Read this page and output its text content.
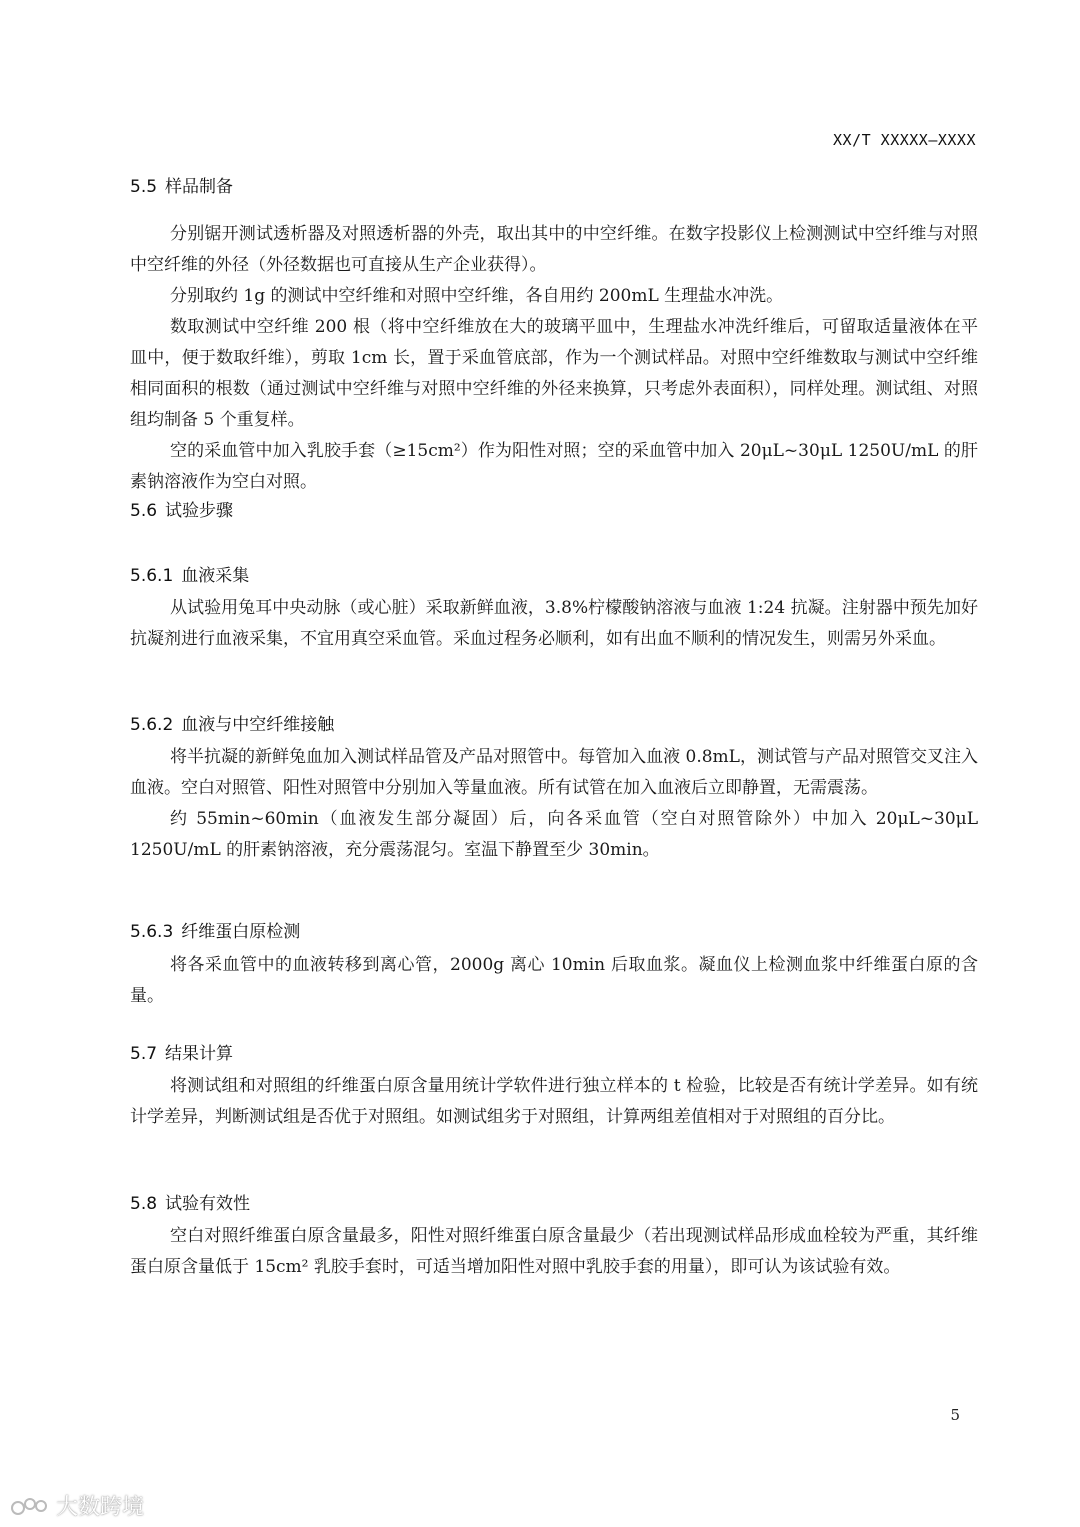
XX/T XXXXX—XXXX
5.5 样品制备

分别锯开测试透析器及对照透析器的外壳，取出其中的中空纤维。在数字投影仪上检测测试中空纤维与对照中空纤维的外径（外径数据也可直接从生产企业获得）。

分别取约 1g 的测试中空纤维和对照中空纤维，各自用约 200mL 生理盐水冲洗。

数取测试中空纤维 200 根（将中空纤维放在大的玻璃平皿中，生理盐水冲洗纤维后，可留取适量液体在平皿中，便于数取纤维），剪取 1cm 长，置于采血管底部，作为一个测试样品。对照中空纤维数取与测试中空纤维相同面积的根数（通过测试中空纤维与对照中空纤维的外径来换算，只考虑外表面积），同样处理。测试组、对照组均制备 5 个重复样。

空的采血管中加入乳胶手套（≥15cm²）作为阳性对照；空的采血管中加入 20μL~30μL 1250U/mL 的肝素钠溶液作为空白对照。

5.6 试验步骤
5.6.1 血液采集

从试验用兔耳中央动脉（或心脏）采取新鲜血液，3.8%柠檬酸钠溶液与血液 1:24 抗凝。注射器中预先加好抗凝剂进行血液采集，不宜用真空采血管。采血过程务必顺利，如有出血不顺利的情况发生，则需另外采血。

5.6.2 血液与中空纤维接触

将半抗凝的新鲜兔血加入测试样品管及产品对照管中。每管加入血液 0.8mL，测试管与产品对照管交叉注入血液。空白对照管、阳性对照管中分别加入等量血液。所有试管在加入血液后立即静置，无需震荡。

约 55min~60min（血液发生部分凝固）后，向各采血管（空白对照管除外）中加入 20μL~30μL 1250U/mL 的肝素钠溶液，充分震荡混匀。室温下静置至少 30min。

5.6.3 纤维蛋白原检测

将各采血管中的血液转移到离心管，2000g 离心 10min 后取血浆。凝血仪上检测血浆中纤维蛋白原的含量。

5.7 结果计算

将测试组和对照组的纤维蛋白原含量用统计学软件进行独立样本的 t 检验，比较是否有统计学差异。如有统计学差异，判断测试组是否优于对照组。如测试组劣于对照组，计算两组差值相对于对照组的百分比。

5.8 试验有效性

空白对照纤维蛋白原含量最多，阳性对照纤维蛋白原含量最少（若出现测试样品形成血栓较为严重，其纤维蛋白原含量低于 15cm² 乳胶手套时，可适当增加阳性对照中乳胶手套的用量），即可认为该试验有效。

5
大数跨境
